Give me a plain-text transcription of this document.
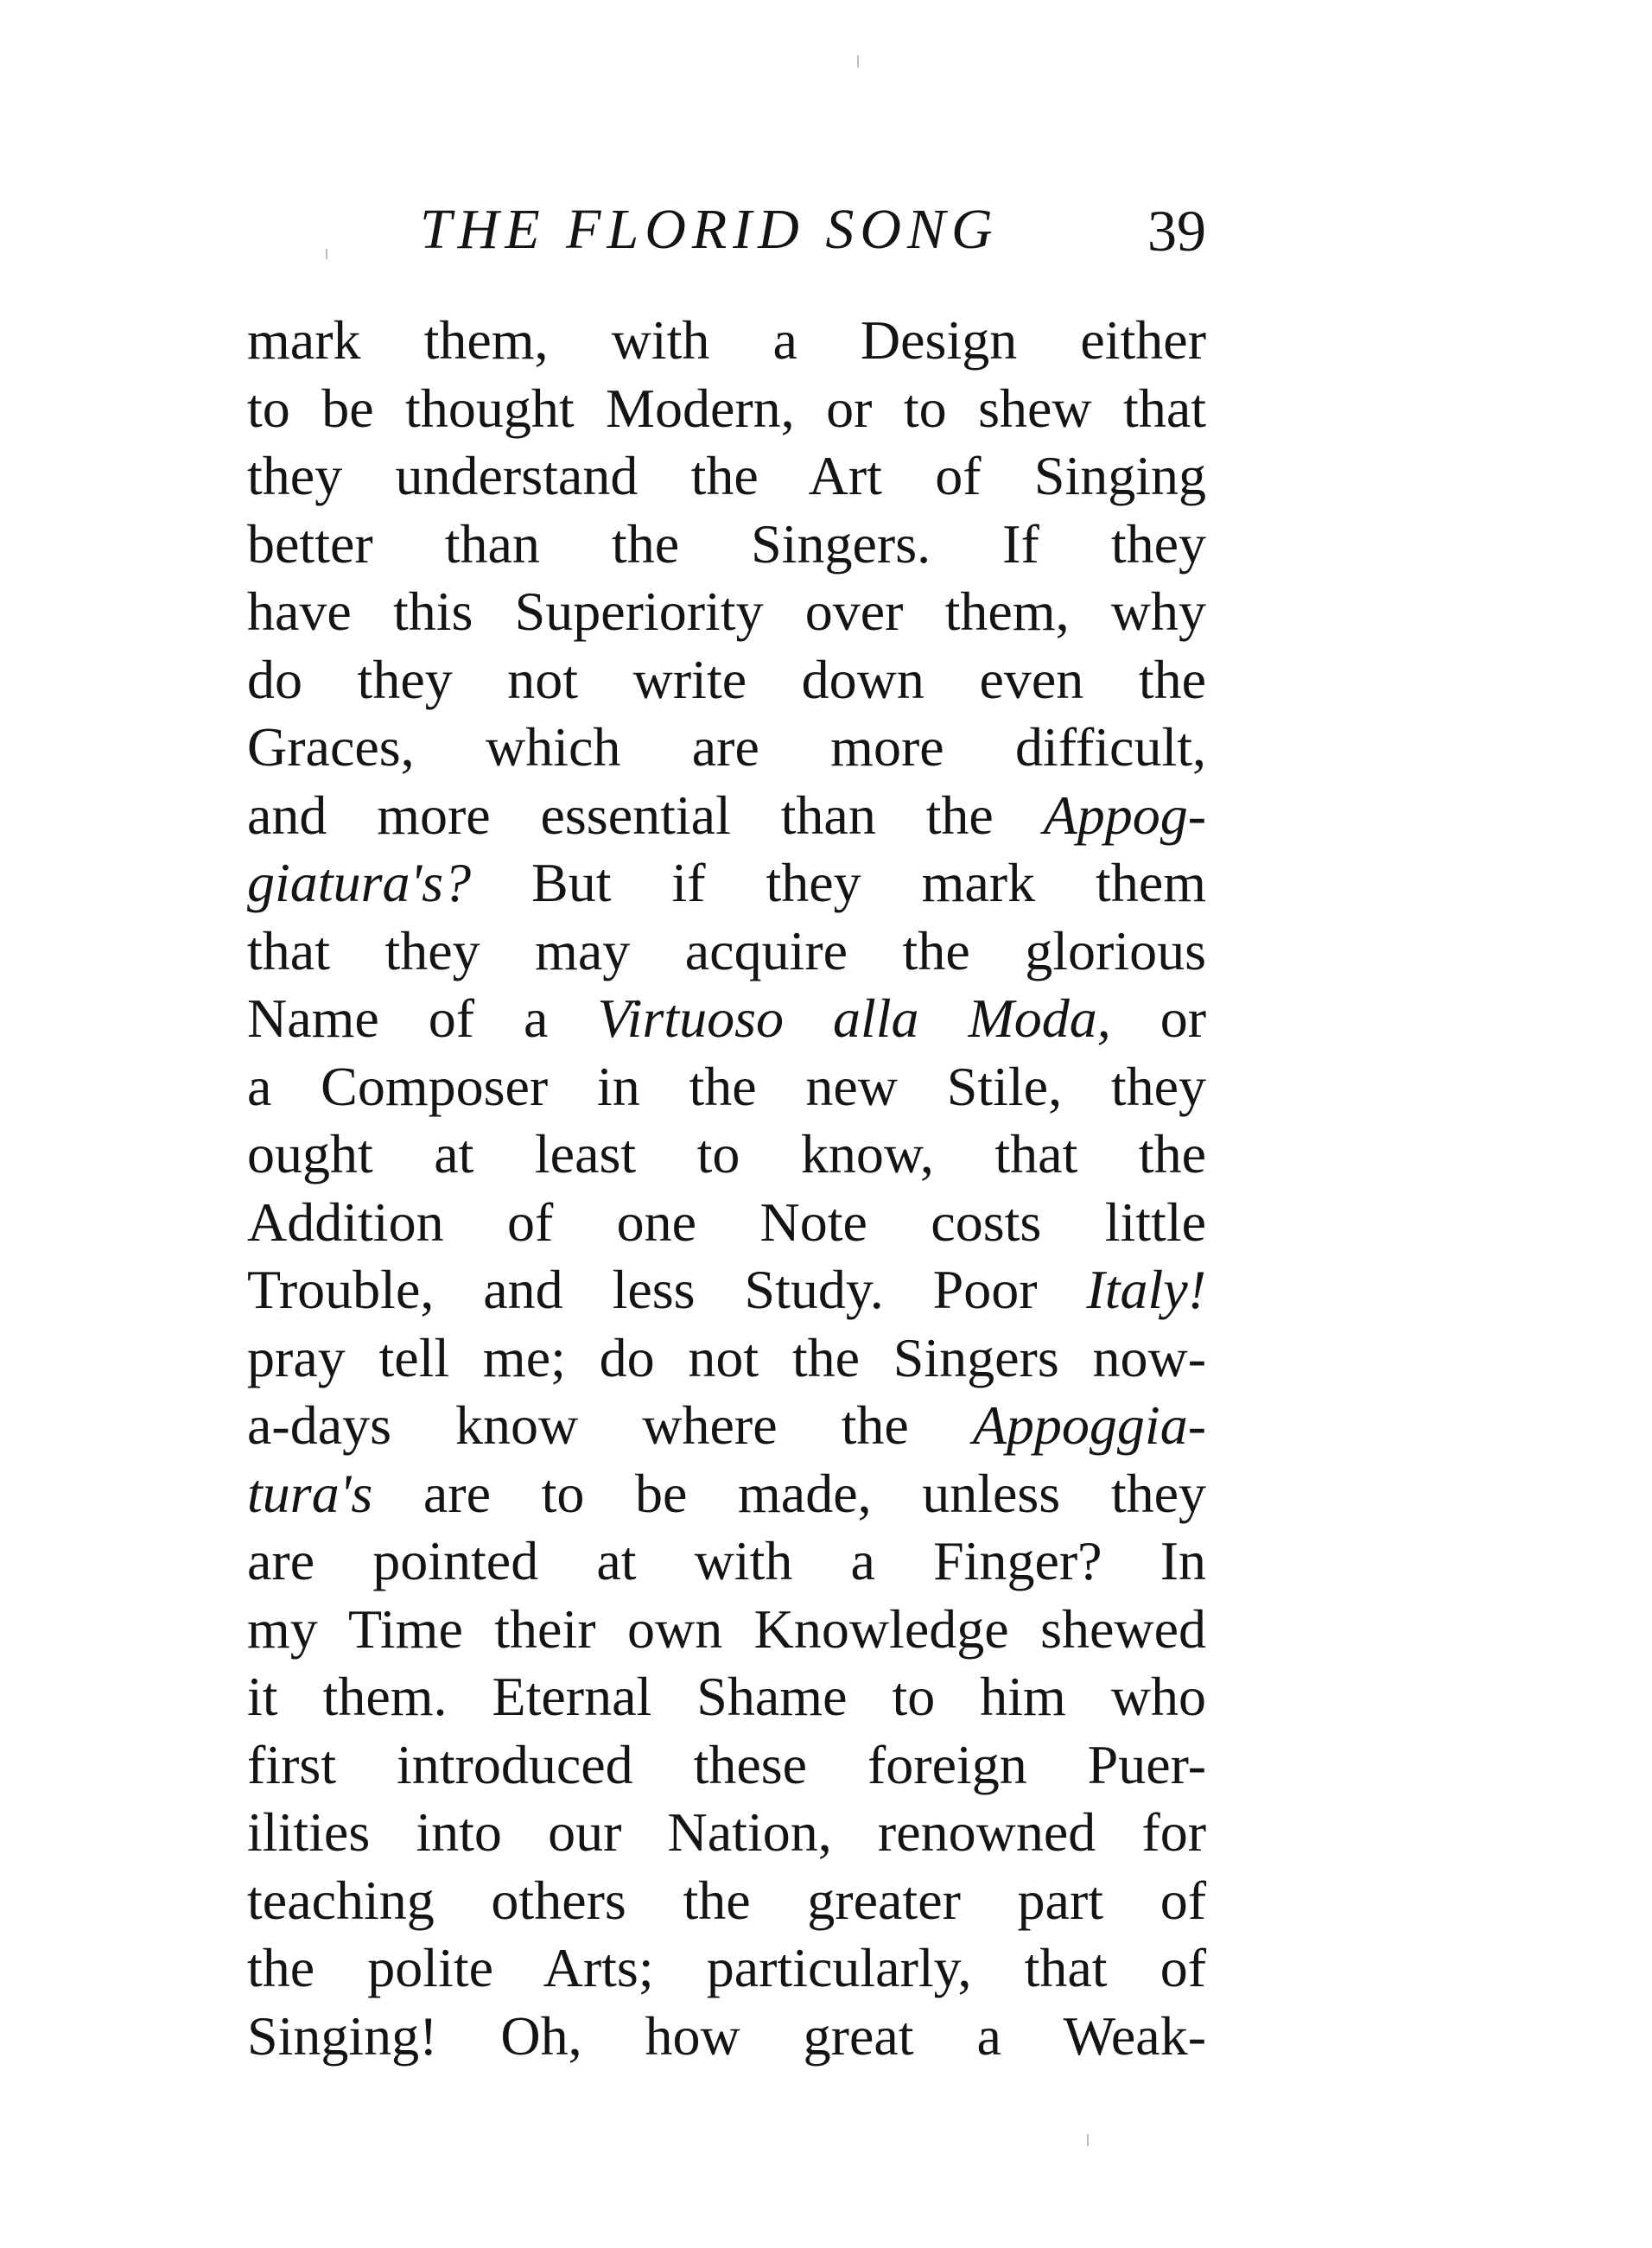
THE FLORID SONG	39
mark them, with a Design either
to be thought Modern, or to shew that
they understand the Art of Singing
better than the Singers. If they
have this Superiority over them, why
do they not write down even the
Graces, which are more difficult,
and more essential than the Appog-
giatura's? But if they mark them
that they may acquire the glorious
Name of a Virtuoso alla Moda, or
a Composer in the new Stile, they
ought at least to know, that the
Addition of one Note costs little
Trouble, and less Study. Poor Italy!
pray tell me; do not the Singers now-
a-days know where the Appoggia-
tura's are to be made, unless they
are pointed at with a Finger? In
my Time their own Knowledge shewed
it them. Eternal Shame to him who
first introduced these foreign Puer-
ilities into our Nation, renowned for
teaching others the greater part of
the polite Arts; particularly, that of
Singing! Oh, how great a Weak-
